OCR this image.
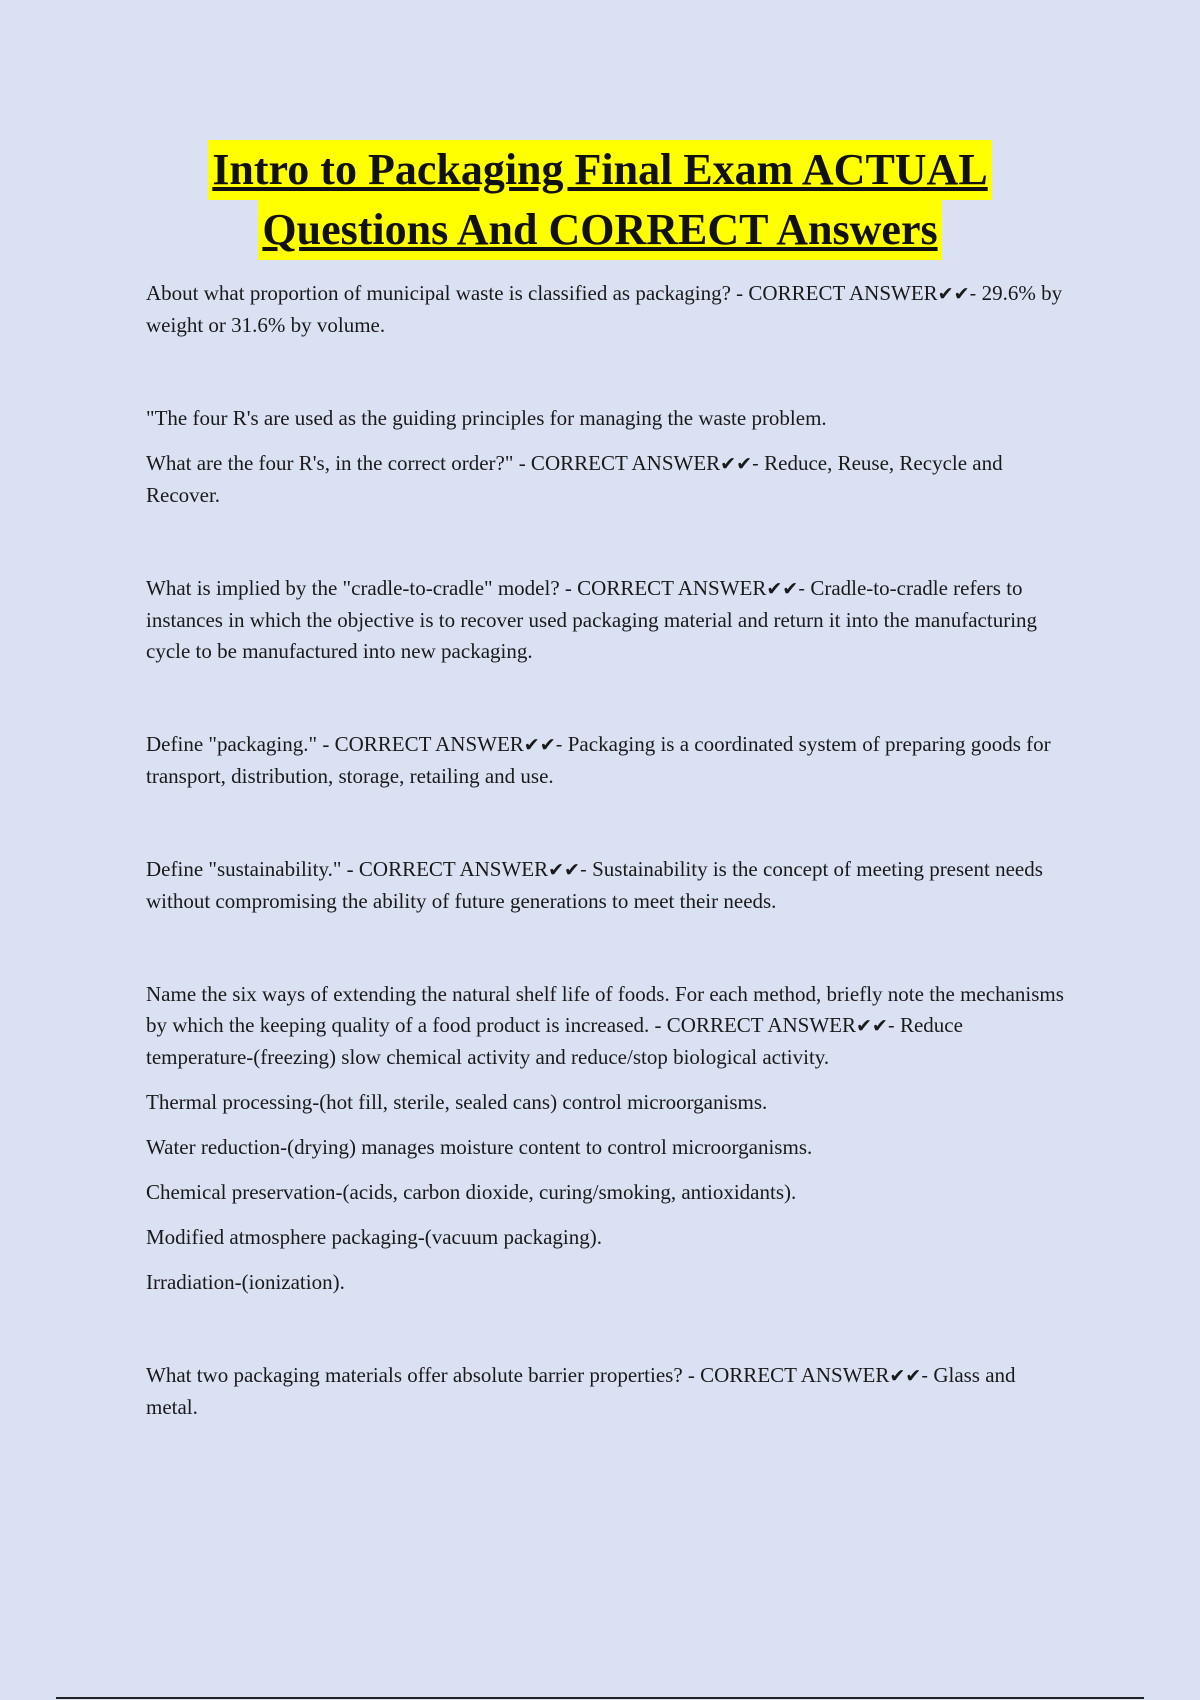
Intro to Packaging Final Exam ACTUAL
Questions And CORRECT Answers

About what proportion of municipal waste is classified as packaging? - CORRECT ANSWER✔✔- 29.6% by weight or 31.6% by volume.

"The four R's are used as the guiding principles for managing the waste problem.

What are the four R's, in the correct order?" - CORRECT ANSWER✔✔- Reduce, Reuse, Recycle and Recover.

What is implied by the "cradle-to-cradle" model? - CORRECT ANSWER✔✔- Cradle-to-cradle refers to instances in which the objective is to recover used packaging material and return it into the manufacturing cycle to be manufactured into new packaging.

Define "packaging." - CORRECT ANSWER✔✔- Packaging is a coordinated system of preparing goods for transport, distribution, storage, retailing and use.

Define "sustainability." - CORRECT ANSWER✔✔- Sustainability is the concept of meeting present needs without compromising the ability of future generations to meet their needs.

Name the six ways of extending the natural shelf life of foods. For each method, briefly note the mechanisms by which the keeping quality of a food product is increased. - CORRECT ANSWER✔✔- Reduce temperature-(freezing) slow chemical activity and reduce/stop biological activity.

Thermal processing-(hot fill, sterile, sealed cans) control microorganisms.

Water reduction-(drying) manages moisture content to control microorganisms.

Chemical preservation-(acids, carbon dioxide, curing/smoking, antioxidants).

Modified atmosphere packaging-(vacuum packaging).

Irradiation-(ionization).

What two packaging materials offer absolute barrier properties? - CORRECT ANSWER✔✔- Glass and metal.
